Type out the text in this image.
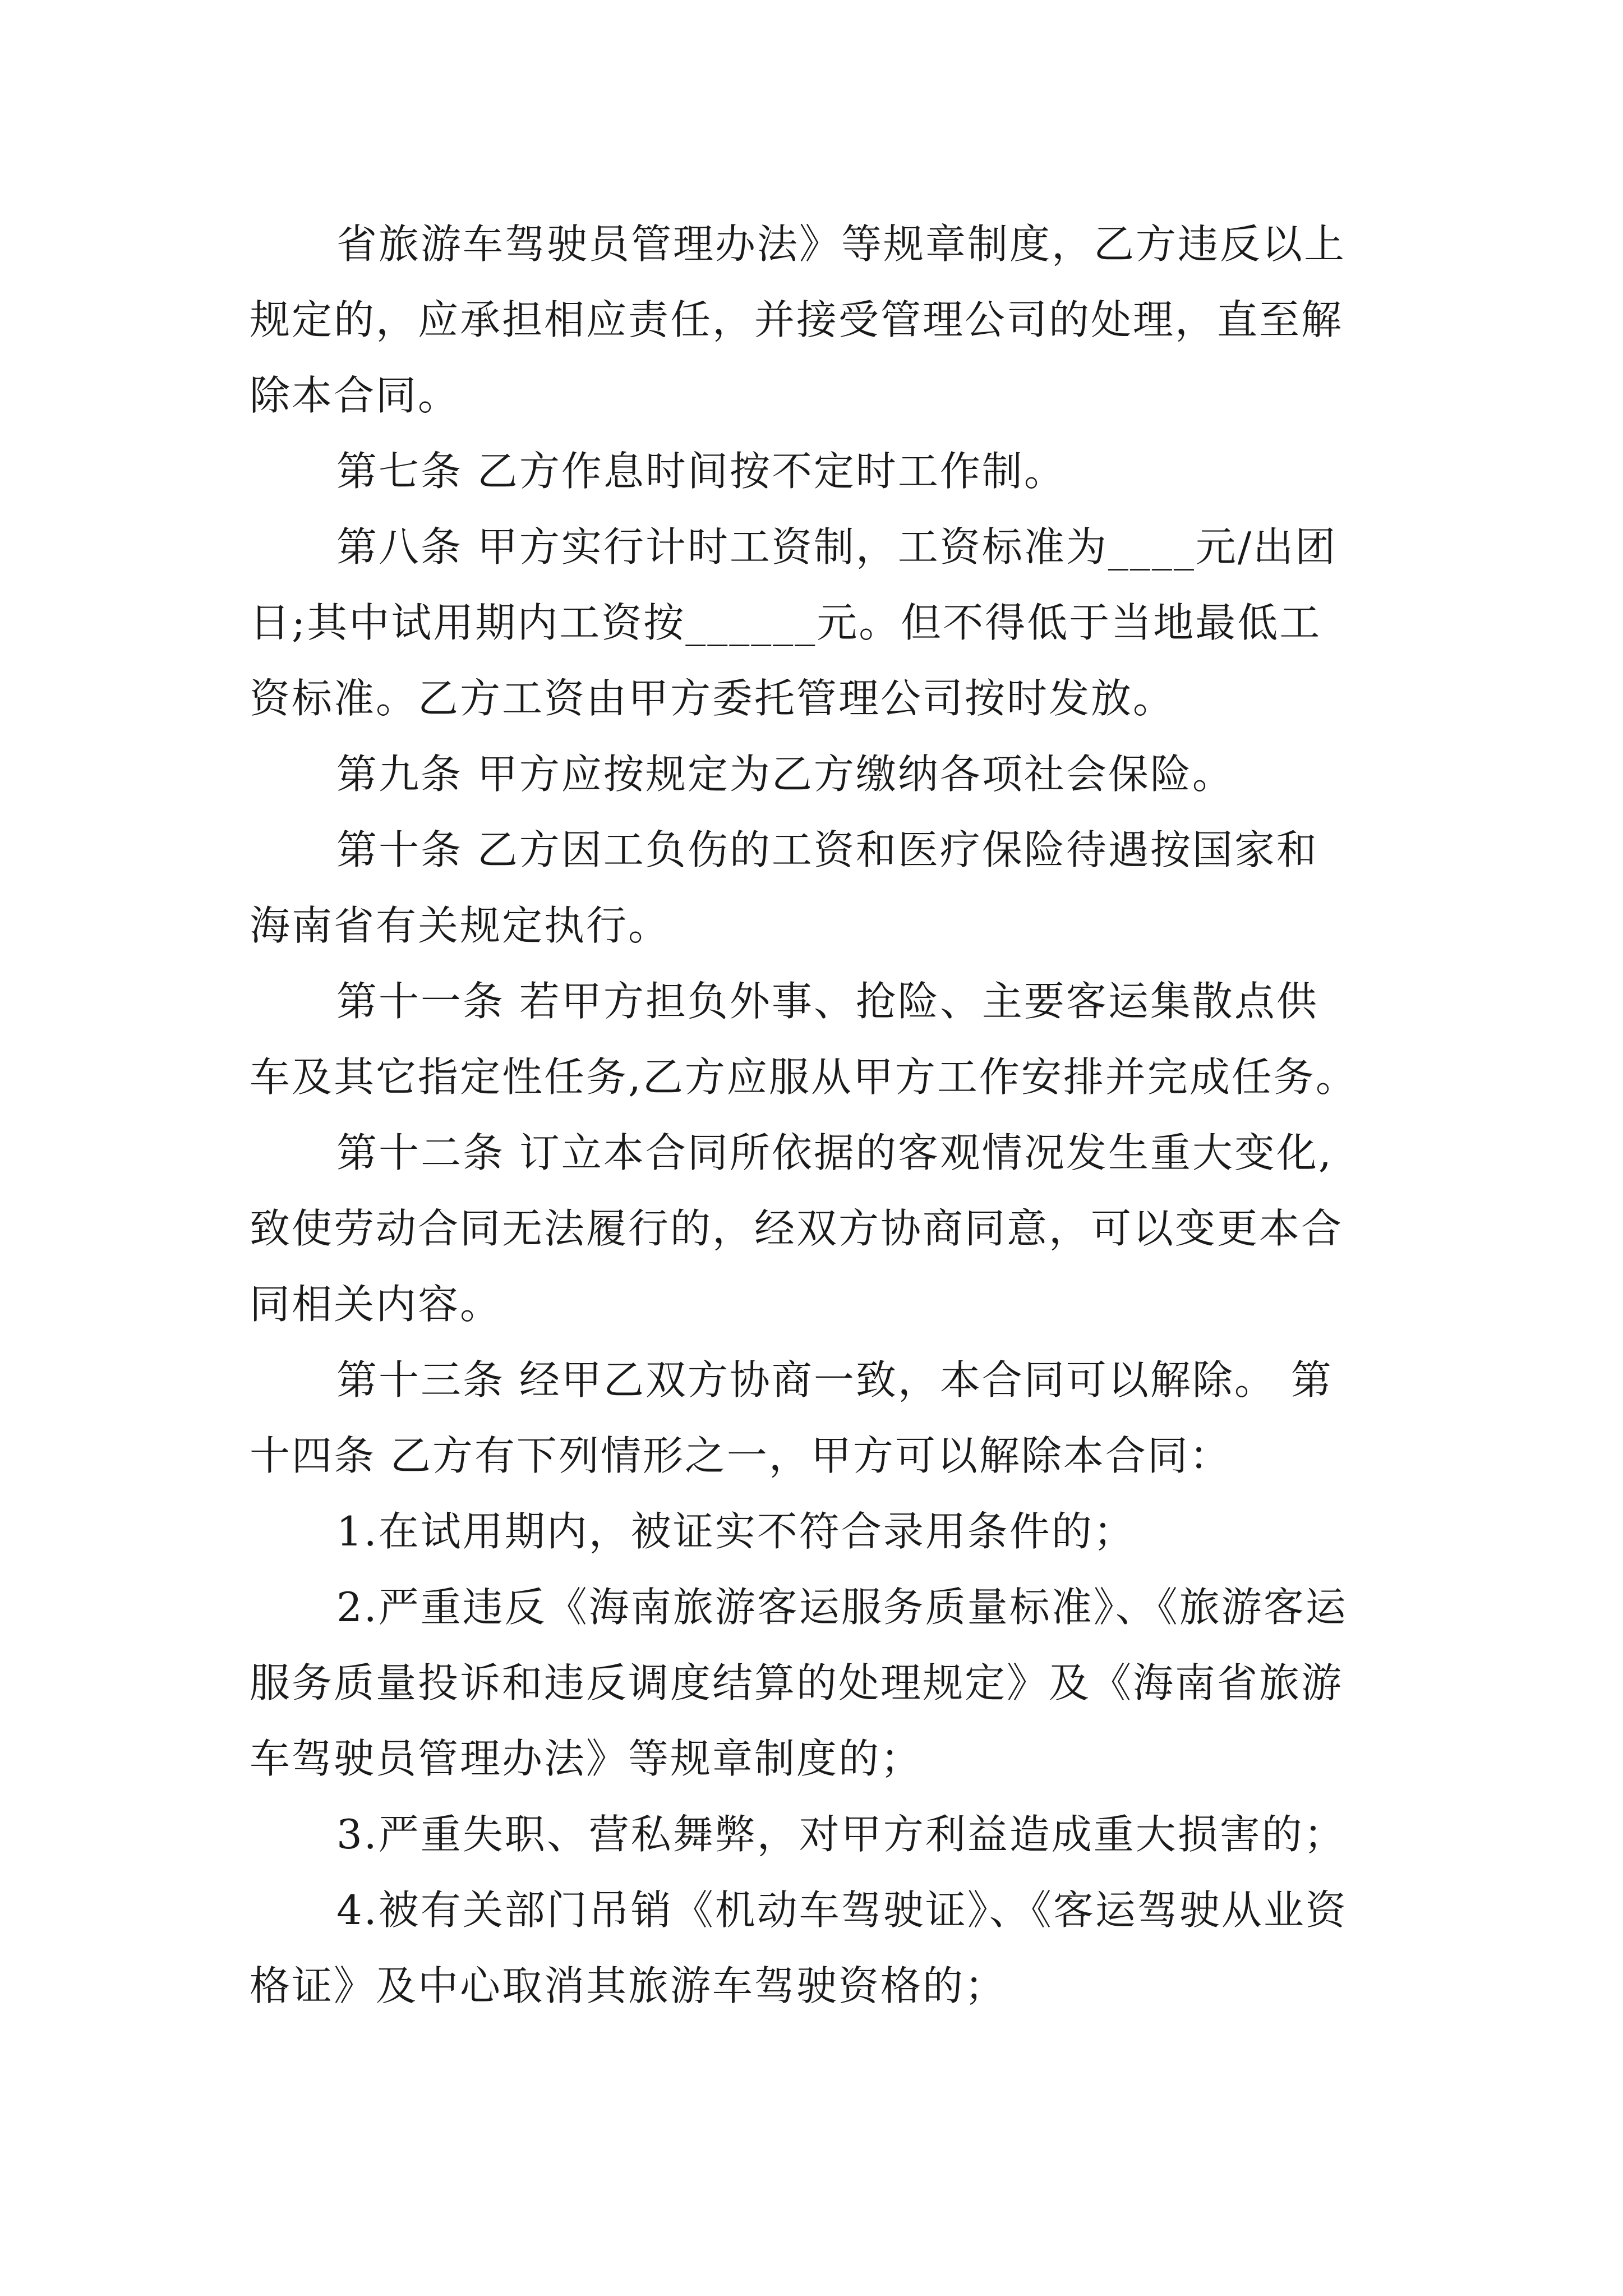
省旅游车驾驶员管理办法》等规章制度，乙方违反以上
规定的，应承担相应责任，并接受管理公司的处理，直至解
除本合同。
第七条 乙方作息时间按不定时工作制。
第八条 甲方实行计时工资制，工资标准为____元/出团
日;其中试用期内工资按______元。但不得低于当地最低工
资标准。乙方工资由甲方委托管理公司按时发放。
第九条 甲方应按规定为乙方缴纳各项社会保险。
第十条 乙方因工负伤的工资和医疗保险待遇按国家和
海南省有关规定执行。
第十一条 若甲方担负外事、抢险、主要客运集散点供
车及其它指定性任务,乙方应服从甲方工作安排并完成任务。
第十二条 订立本合同所依据的客观情况发生重大变化,
致使劳动合同无法履行的，经双方协商同意，可以变更本合
同相关内容。
第十三条 经甲乙双方协商一致，本合同可以解除。 第
十四条 乙方有下列情形之一，甲方可以解除本合同：
1.在试用期内，被证实不符合录用条件的；
2.严重违反《海南旅游客运服务质量标准》、《旅游客运
服务质量投诉和违反调度结算的处理规定》及《海南省旅游
车驾驶员管理办法》等规章制度的；
3.严重失职、营私舞弊，对甲方利益造成重大损害的；
4.被有关部门吊销《机动车驾驶证》、《客运驾驶从业资
格证》及中心取消其旅游车驾驶资格的；
